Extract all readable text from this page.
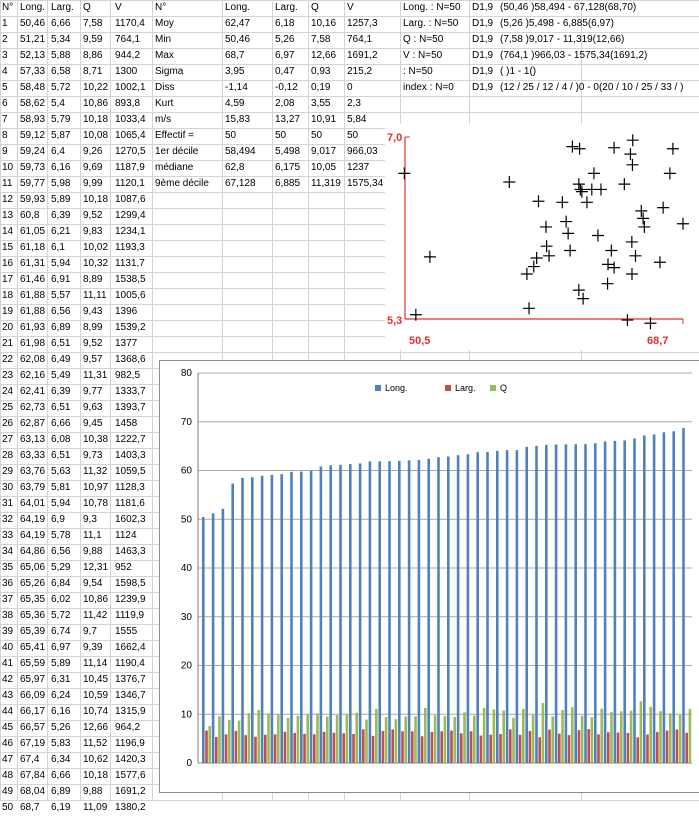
N° Long. Larg. Q V
1 50,46 6,66 7,58 1170,4
2 51,21 5,34 9,59 764,1
3 52,13 5,88 8,86 944,2
4 57,33 6,58 8,71 1300
5 58,48 5,72 10,22 1002,1
6 58,62 5,4 10,86 893,8
7 58,93 5,79 10,18 1033,4
8 59,12 5,87 10,08 1065,4
9 59,24 6,4 9,26 1270,5
10 59,73 6,16 9,69 1187,9
11 59,77 5,98 9,99 1120,1
12 59,93 5,89 10,18 1087,6
13 60,8 6,39 9,52 1299,4
14 61,05 6,21 9,83 1234,1
15 61,18 6,1 10,02 1193,3
16 61,31 5,94 10,32 1131,7
17 61,46 6,91 8,89 1538,5
18 61,88 5,57 11,11 1005,6
19 61,88 6,56 9,43 1396
20 61,93 6,89 8,99 1539,2
21 61,98 6,51 9,52 1377
22 62,08 6,49 9,57 1368,6
23 62,16 5,49 11,31 982,5
24 62,41 6,39 9,77 1333,7
25 62,73 6,51 9,63 1393,7
26 62,87 6,66 9,45 1458
27 63,13 6,08 10,38 1222,7
28 63,33 6,51 9,73 1403,3
29 63,76 5,63 11,32 1059,5
30 63,79 5,81 10,97 1128,3
31 64,01 5,94 10,78 1181,6
32 64,19 6,9 9,3 1602,3
33 64,19 5,78 11,1 1124
34 64,86 6,56 9,88 1463,3
35 65,06 5,29 12,31 952
36 65,26 6,84 9,54 1598,5
37 65,35 6,02 10,86 1239,9
38 65,36 5,72 11,42 1119,9
39 65,39 6,74 9,7 1555
40 65,41 6,97 9,39 1662,4
41 65,59 5,89 11,14 1190,4
42 65,97 6,31 10,45 1376,7
43 66,09 6,24 10,59 1346,7
44 66,17 6,16 10,74 1315,9
45 66,57 5,26 12,66 964,2
46 67,19 5,83 11,52 1196,9
47 67,4 6,34 10,62 1420,3
48 67,84 6,66 10,18 1577,6
49 68,04 6,89 9,88 1691,2
50 68,7 6,19 11,09 1380,2
N°	Long. Larg. Q	V
Moy	62,47 6,18 10,16 1257,3
Min	50,46 5,26 7,58 764,1
Max	68,7	6,97 12,66 1691,2
Sigma	3,95	0,47 0,93 215,2
Diss	-1,14	-0,12 0,19 0
Kurt	4,59	2,08 3,55 2,3
m/s	15,83 13,27 10,91 5,84
Effectif =	50	50 50 50
1er décile	58,494 5,498 9,017 966,03
médiane	62,8	6,175 10,05 1237
9ème décile 67,128 6,885 11,319 1575,34
Long. : N=50 D1,9 (50,46 )58,494 - 67,128(68,70)
Larg. : N=50 D1,9 (5,26 )5,498 - 6,885(6,97)
Q : N=50	D1,9 (7,58 )9,017 - 11,319(12,66)
V : N=50	D1,9 (764,1 )966,03 - 1575,34(1691,2)
: N=50	D1,9 ( )1 - 1()
index : N=0 D1,9 (12 / 25 / 12 / 4 / )0 - 0(20 / 10 / 25 / 33 / )
7,0
5,3
50,5	68,7
0
10
20
30
40
50
60
70
80
Long.	Larg.	Q
